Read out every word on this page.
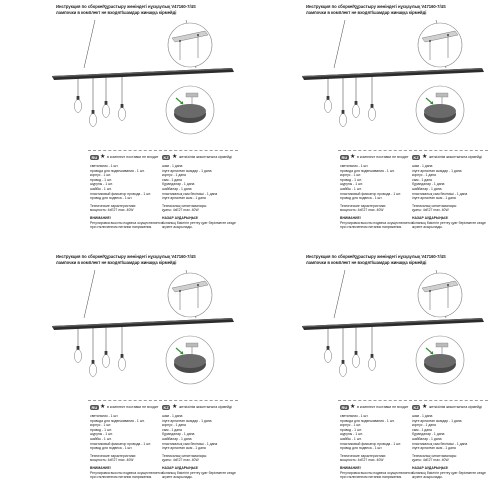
Инструкция по сборке/Құрастыру жөніндегі нұсқаулық V47160-7/4S
лампочки в комплект не входят/шамдар жинаққа кірмейді
RU ★ в комплект поставки не входит	KZ ★ жеткізілім жиынтығына кірмейді
светильник - 1 шт.
провода для подвешивания - 1 шт.
корпус - 1 шт.
провод - 1 шт.
шурупы - 1 шт.
шайбы - 1 шт.
пластиковый фиксатор провода - 1 шт.
провод для подвеса - 1 шт.
Технические характеристики:
мощность: 4xE27 max. 40W
ВНИМАНИЕ!
Регулировка высоты подвеса осуществляется
при отключенном питании напряжения.
шам - 1 дана
ілуге арналған сымдар - 1 дана
корпус - 1 дана
сым - 1 дана
бұрандалар - 1 дана
шайбалар - 1 дана
пластикалық сым бекіткіші - 1 дана
ілуге арналған сым - 1 дана
Техникалық сипаттамалары:
қуаты: 4xE27 max. 40W
НАЗАР АУДАРЫҢЫЗ!
Аспаның биіктігін реттеу қуат берілмеген кезде
жүзеге асырылады.
Инструкция по сборке/Құрастыру жөніндегі нұсқаулық V47160-7/4S
лампочки в комплект не входят/шамдар жинаққа кірмейді
RU ★ в комплект поставки не входит	KZ ★ жеткізілім жиынтығына кірмейді
светильник - 1 шт.
провода для подвешивания - 1 шт.
корпус - 1 шт.
провод - 1 шт.
шурупы - 1 шт.
шайбы - 1 шт.
пластиковый фиксатор провода - 1 шт.
провод для подвеса - 1 шт.
Технические характеристики:
мощность: 4xE27 max. 40W
ВНИМАНИЕ!
Регулировка высоты подвеса осуществляется
при отключенном питании напряжения.
шам - 1 дана
ілуге арналған сымдар - 1 дана
корпус - 1 дана
сым - 1 дана
бұрандалар - 1 дана
шайбалар - 1 дана
пластикалық сым бекіткіші - 1 дана
ілуге арналған сым - 1 дана
Техникалық сипаттамалары:
қуаты: 4xE27 max. 40W
НАЗАР АУДАРЫҢЫЗ!
Аспаның биіктігін реттеу қуат берілмеген кезде
жүзеге асырылады.
Инструкция по сборке/Құрастыру жөніндегі нұсқаулық V47160-7/4S
лампочки в комплект не входят/шамдар жинаққа кірмейді
RU ★ в комплект поставки не входит	KZ ★ жеткізілім жиынтығына кірмейді
светильник - 1 шт.
провода для подвешивания - 1 шт.
корпус - 1 шт.
провод - 1 шт.
шурупы - 1 шт.
шайбы - 1 шт.
пластиковый фиксатор провода - 1 шт.
провод для подвеса - 1 шт.
Технические характеристики:
мощность: 4xE27 max. 40W
ВНИМАНИЕ!
Регулировка высоты подвеса осуществляется
при отключенном питании напряжения.
шам - 1 дана
ілуге арналған сымдар - 1 дана
корпус - 1 дана
сым - 1 дана
бұрандалар - 1 дана
шайбалар - 1 дана
пластикалық сым бекіткіші - 1 дана
ілуге арналған сым - 1 дана
Техникалық сипаттамалары:
қуаты: 4xE27 max. 40W
НАЗАР АУДАРЫҢЫЗ!
Аспаның биіктігін реттеу қуат берілмеген кезде
жүзеге асырылады.
Инструкция по сборке/Құрастыру жөніндегі нұсқаулық V47160-7/4S
лампочки в комплект не входят/шамдар жинаққа кірмейді
RU ★ в комплект поставки не входит	KZ ★ жеткізілім жиынтығына кірмейді
светильник - 1 шт.
провода для подвешивания - 1 шт.
корпус - 1 шт.
провод - 1 шт.
шурупы - 1 шт.
шайбы - 1 шт.
пластиковый фиксатор провода - 1 шт.
провод для подвеса - 1 шт.
Технические характеристики:
мощность: 4xE27 max. 40W
ВНИМАНИЕ!
Регулировка высоты подвеса осуществляется
при отключенном питании напряжения.
шам - 1 дана
ілуге арналған сымдар - 1 дана
корпус - 1 дана
сым - 1 дана
бұрандалар - 1 дана
шайбалар - 1 дана
пластикалық сым бекіткіші - 1 дана
ілуге арналған сым - 1 дана
Техникалық сипаттамалары:
қуаты: 4xE27 max. 40W
НАЗАР АУДАРЫҢЫЗ!
Аспаның биіктігін реттеу қуат берілмеген кезде
жүзеге асырылады.
